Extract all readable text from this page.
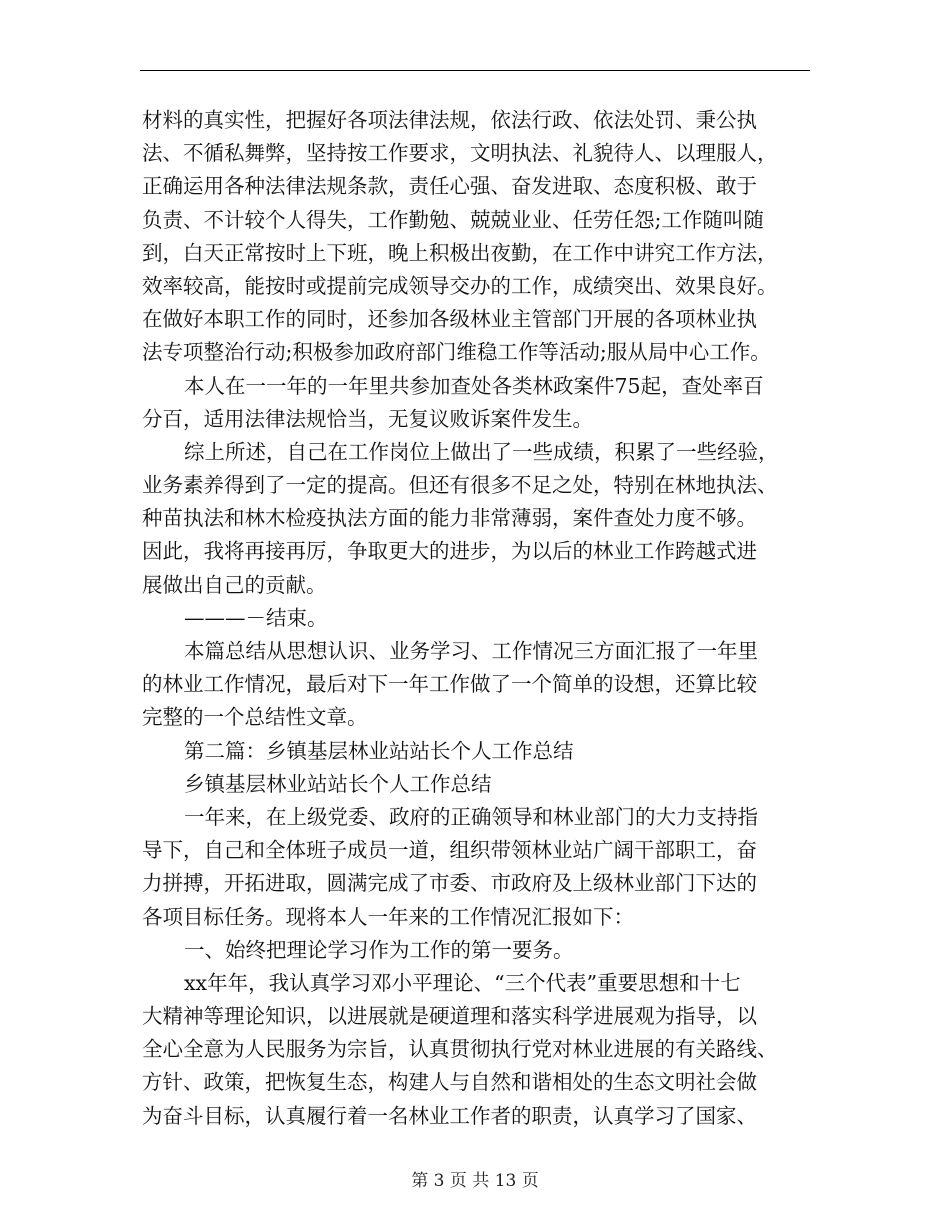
材料的真实性，把握好各项法律法规，依法行政、依法处罚、秉公执
法、不循私舞弊，坚持按工作要求，文明执法、礼貌待人、以理服人，
正确运用各种法律法规条款，责任心强、奋发进取、态度积极、敢于
负责、不计较个人得失，工作勤勉、兢兢业业、任劳任怨;工作随叫随
到，白天正常按时上下班，晚上积极出夜勤，在工作中讲究工作方法，
效率较高，能按时或提前完成领导交办的工作，成绩突出、效果良好。
在做好本职工作的同时，还参加各级林业主管部门开展的各项林业执
法专项整治行动;积极参加政府部门维稳工作等活动;服从局中心工作。
本人在一一年的一年里共参加查处各类林政案件75起，查处率百
分百，适用法律法规恰当，无复议败诉案件发生。
综上所述，自己在工作岗位上做出了一些成绩，积累了一些经验，
业务素养得到了一定的提高。但还有很多不足之处，特别在林地执法、
种苗执法和林木检疫执法方面的能力非常薄弱，案件查处力度不够。
因此，我将再接再厉，争取更大的进步，为以后的林业工作跨越式进
展做出自己的贡献。
———－结束。
本篇总结从思想认识、业务学习、工作情况三方面汇报了一年里
的林业工作情况，最后对下一年工作做了一个简单的设想，还算比较
完整的一个总结性文章。
第二篇：乡镇基层林业站站长个人工作总结
乡镇基层林业站站长个人工作总结
一年来，在上级党委、政府的正确领导和林业部门的大力支持指
导下，自己和全体班子成员一道，组织带领林业站广阔干部职工，奋
力拼搏，开拓进取，圆满完成了市委、市政府及上级林业部门下达的
各项目标任务。现将本人一年来的工作情况汇报如下：
一、始终把理论学习作为工作的第一要务。
xx年年，我认真学习邓小平理论、“三个代表”重要思想和十七
大精神等理论知识，以进展就是硬道理和落实科学进展观为指导，以
全心全意为人民服务为宗旨，认真贯彻执行党对林业进展的有关路线、
方针、政策，把恢复生态，构建人与自然和谐相处的生态文明社会做
为奋斗目标，认真履行着一名林业工作者的职责，认真学习了国家、
第 3 页 共 13 页
